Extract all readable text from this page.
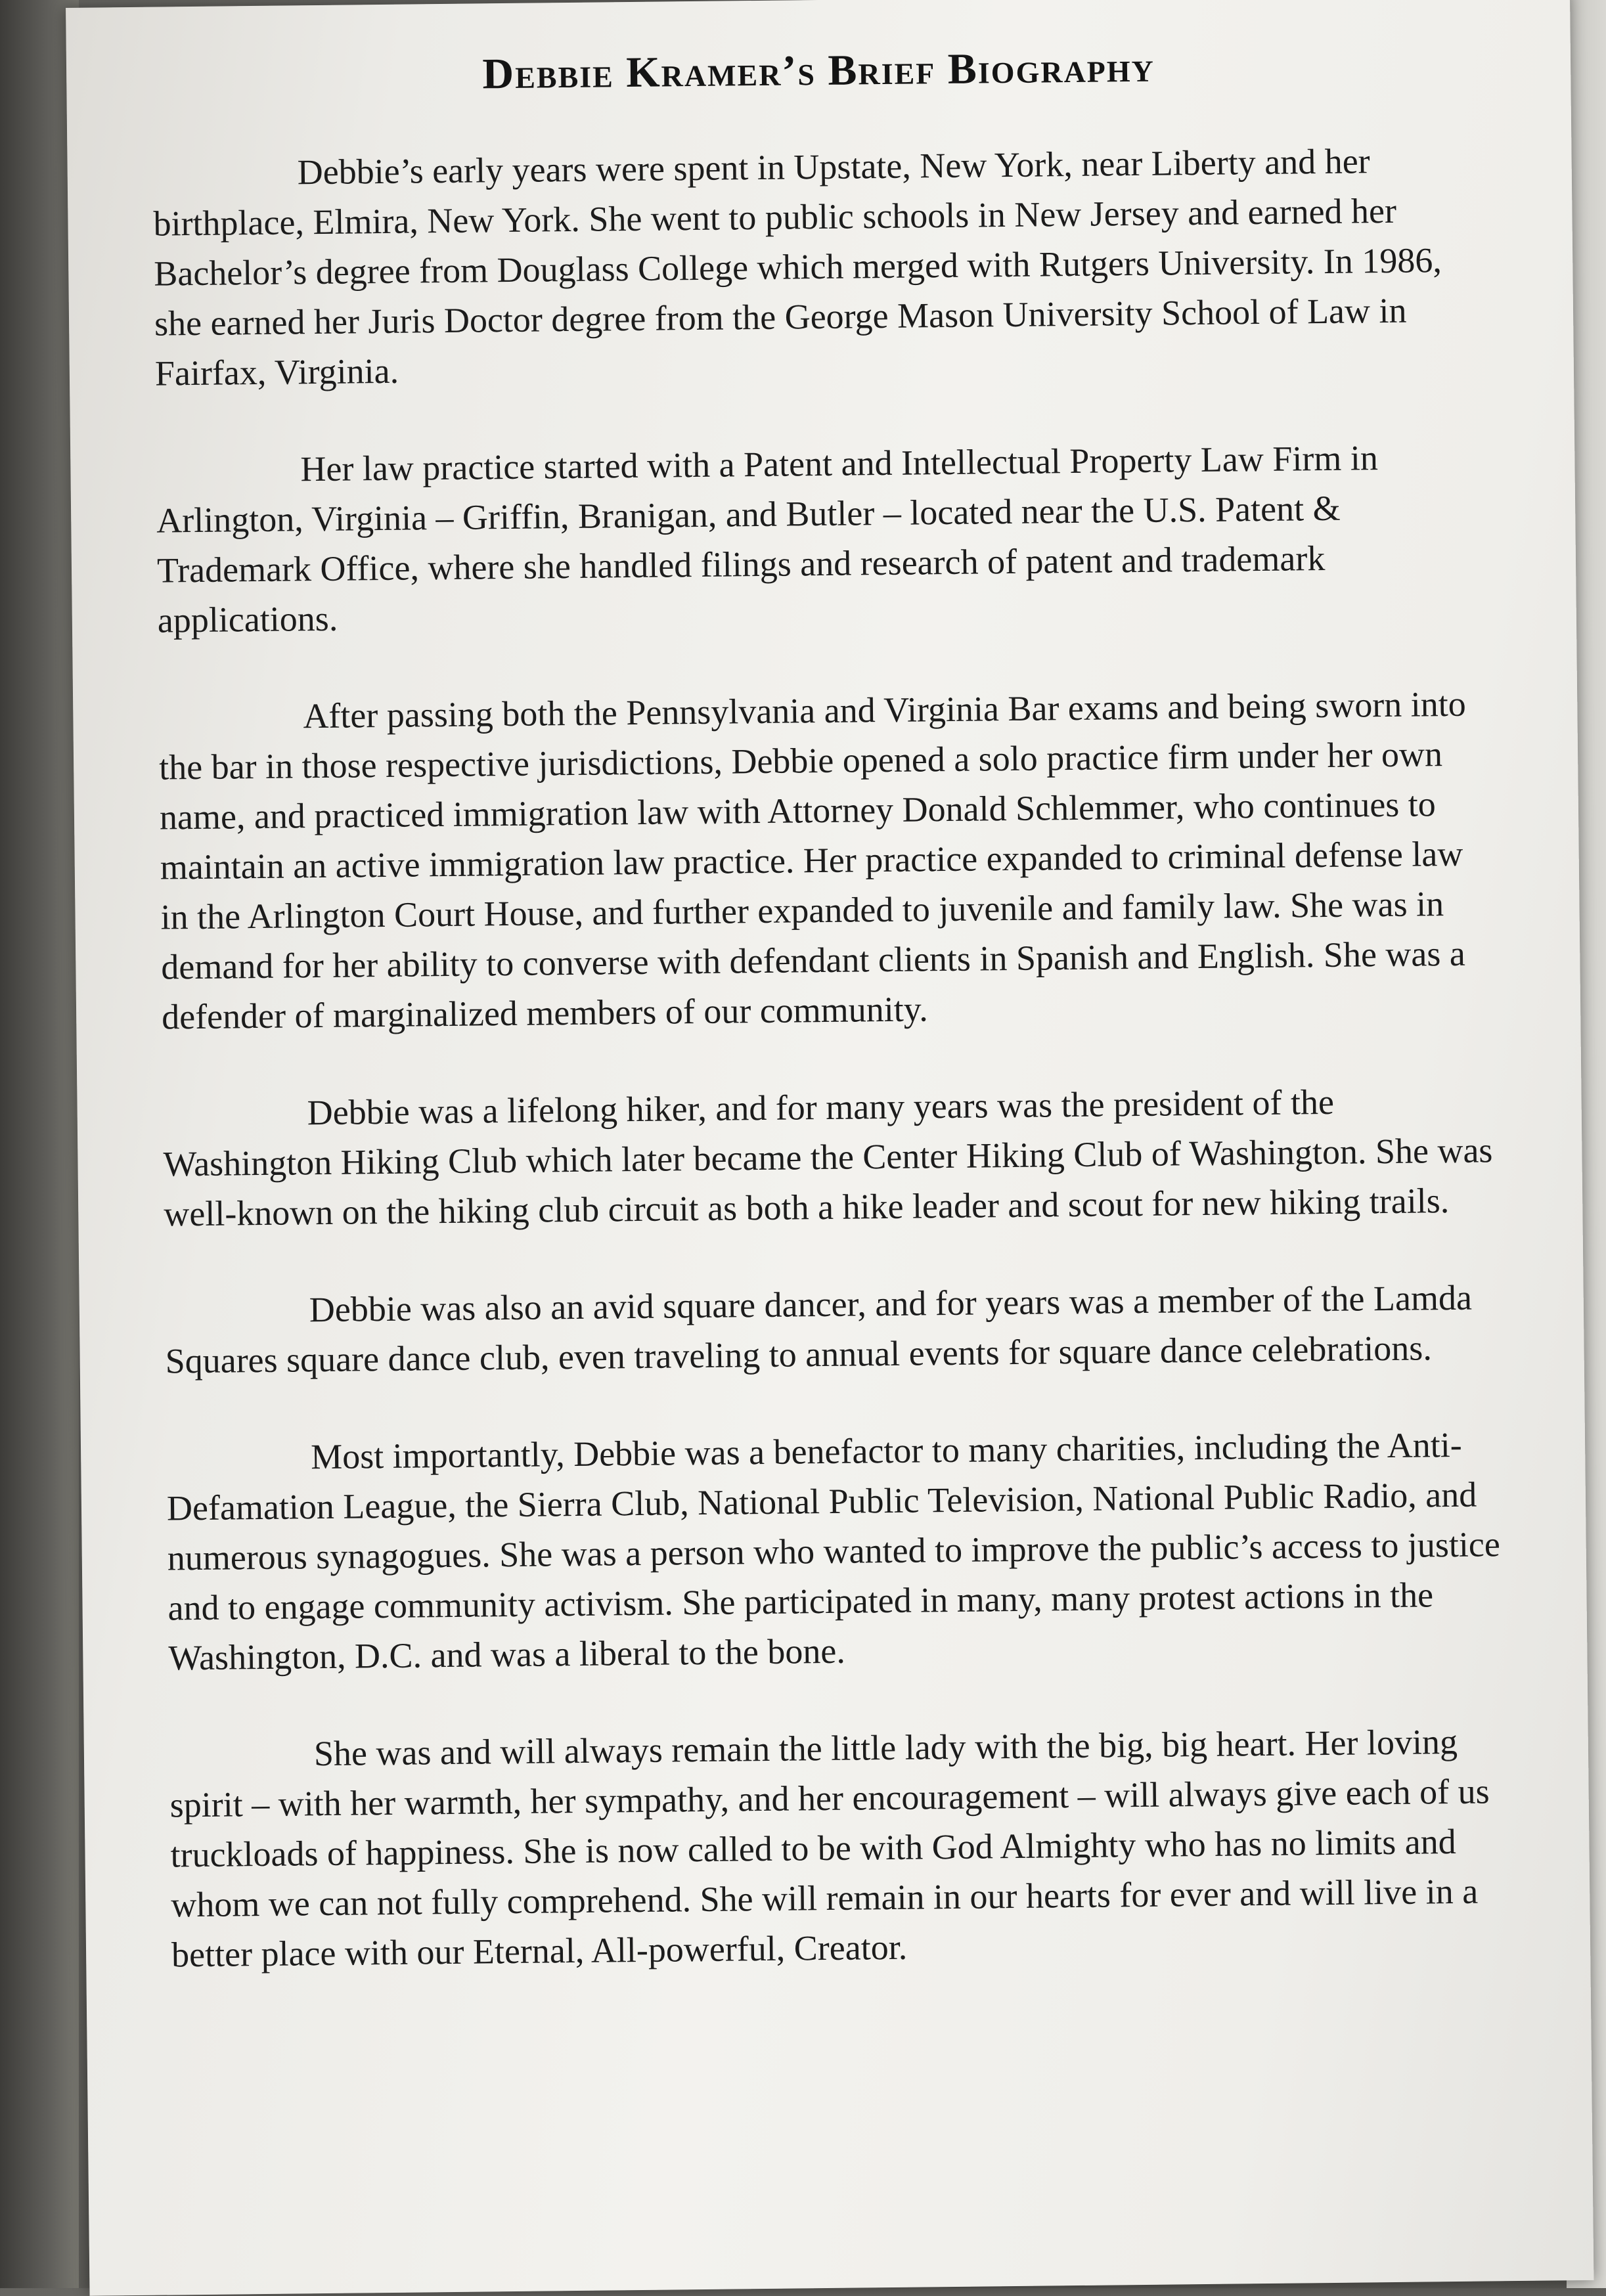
Debbie Kramer’s Brief Biography

Debbie’s early years were spent in Upstate, New York, near Liberty and her birthplace, Elmira, New York. She went to public schools in New Jersey and earned her Bachelor’s degree from Douglass College which merged with Rutgers University. In 1986, she earned her Juris Doctor degree from the George Mason University School of Law in Fairfax, Virginia.

Her law practice started with a Patent and Intellectual Property Law Firm in Arlington, Virginia – Griffin, Branigan, and Butler – located near the U.S. Patent & Trademark Office, where she handled filings and research of patent and trademark applications.

After passing both the Pennsylvania and Virginia Bar exams and being sworn into the bar in those respective jurisdictions, Debbie opened a solo practice firm under her own name, and practiced immigration law with Attorney Donald Schlemmer, who continues to maintain an active immigration law practice. Her practice expanded to criminal defense law in the Arlington Court House, and further expanded to juvenile and family law. She was in demand for her ability to converse with defendant clients in Spanish and English. She was a defender of marginalized members of our community.

Debbie was a lifelong hiker, and for many years was the president of the Washington Hiking Club which later became the Center Hiking Club of Washington. She was well-known on the hiking club circuit as both a hike leader and scout for new hiking trails.

Debbie was also an avid square dancer, and for years was a member of the Lamda Squares square dance club, even traveling to annual events for square dance celebrations.

Most importantly, Debbie was a benefactor to many charities, including the Anti-Defamation League, the Sierra Club, National Public Television, National Public Radio, and numerous synagogues. She was a person who wanted to improve the public’s access to justice and to engage community activism. She participated in many, many protest actions in the Washington, D.C. and was a liberal to the bone.

She was and will always remain the little lady with the big, big heart. Her loving spirit – with her warmth, her sympathy, and her encouragement – will always give each of us truckloads of happiness. She is now called to be with God Almighty who has no limits and whom we can not fully comprehend. She will remain in our hearts for ever and will live in a better place with our Eternal, All-powerful, Creator.
